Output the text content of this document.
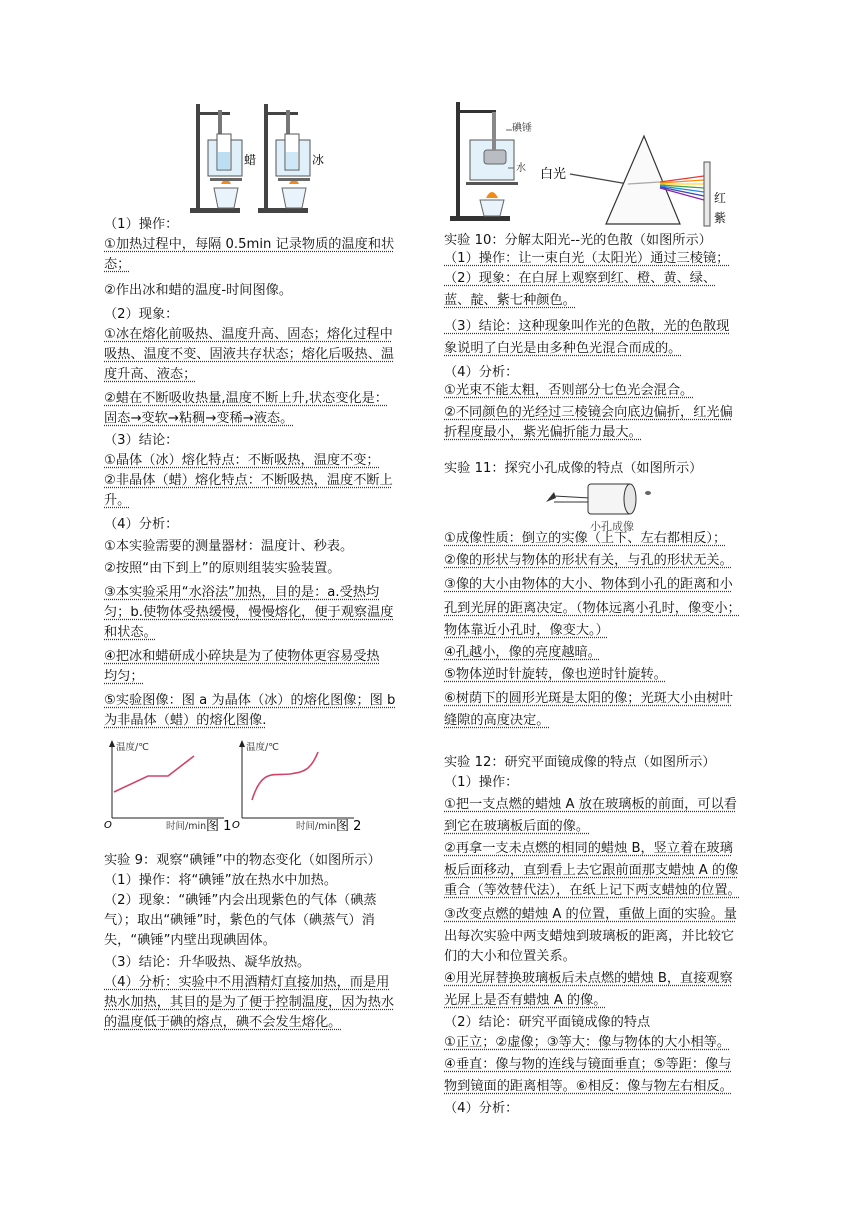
蜡	冰
（1）操作：
①加热过程中，每隔 0.5min 记录物质的温度和状
态；
②作出冰和蜡的温度-时间图像。
（2）现象：
①冰在熔化前吸热、温度升高、固态；熔化过程中
吸热、温度不变、固液共存状态；熔化后吸热、温
度升高、液态；
②蜡在不断吸收热量,温度不断上升,状态变化是：
固态→变软→粘稠→变稀→液态。
（3）结论：
①晶体（冰）熔化特点：不断吸热，温度不变；
②非晶体（蜡）熔化特点：不断吸热，温度不断上
升。
（4）分析：
①本实验需要的测量器材：温度计、秒表。
②按照“由下到上”的原则组装实验装置。
③本实验采用“水浴法”加热，目的是：a.受热均
匀；b.使物体受热缓慢，慢慢熔化，便于观察温度
和状态。
④把冰和蜡研成小碎块是为了使物体更容易受热
均匀；
⑤实验图像：图 a 为晶体（冰）的熔化图像；图 b
为非晶体（蜡）的熔化图像.
温度/℃
O	时间/min 图 1
温度/℃
O	时间/min 图 2
实验 9：观察“碘锤”中的物态变化（如图所示）
（1）操作：将“碘锤”放在热水中加热。
（2）现象：“碘锤”内会出现紫色的气体（碘蒸
气）；取出“碘锤”时，紫色的气体（碘蒸气）消
失，“碘锤”内壁出现碘固体。
（3）结论：升华吸热、凝华放热。
（4）分析：实验中不用酒精灯直接加热，而是用
热水加热，其目的是为了便于控制温度，因为热水
的温度低于碘的熔点，碘不会发生熔化。
碘锤
水 白光
红
紫
实验 10：分解太阳光--光的色散（如图所示）
（1）操作：让一束白光（太阳光）通过三棱镜；
（2）现象：在白屏上观察到红、橙、黄、绿、
蓝、靛、紫七种颜色。
（3）结论：这种现象叫作光的色散，光的色散现
象说明了白光是由多种色光混合而成的。
（4）分析：
①光束不能太粗，否则部分七色光会混合。
②不同颜色的光经过三棱镜会向底边偏折，红光偏
折程度最小，紫光偏折能力最大。
实验 11：探究小孔成像的特点（如图所示）
小孔成像
①成像性质：倒立的实像（上下、左右都相反）；
②像的形状与物体的形状有关，与孔的形状无关。
③像的大小由物体的大小、物体到小孔的距离和小
孔到光屏的距离决定。（物体远离小孔时，像变小；
物体靠近小孔时，像变大。）
④孔越小，像的亮度越暗。
⑤物体逆时针旋转，像也逆时针旋转。
⑥树荫下的圆形光斑是太阳的像；光斑大小由树叶
缝隙的高度决定。
实验 12：研究平面镜成像的特点（如图所示）
（1）操作：
①把一支点燃的蜡烛 A 放在玻璃板的前面，可以看
到它在玻璃板后面的像。
②再拿一支未点燃的相同的蜡烛 B，竖立着在玻璃
板后面移动，直到看上去它跟前面那支蜡烛 A 的像
重合（等效替代法），在纸上记下两支蜡烛的位置。
③改变点燃的蜡烛 A 的位置，重做上面的实验。量
出每次实验中两支蜡烛到玻璃板的距离，并比较它
们的大小和位置关系。
④用光屏替换玻璃板后未点燃的蜡烛 B，直接观察
光屏上是否有蜡烛 A 的像。
（2）结论：研究平面镜成像的特点
①正立；②虚像；③等大：像与物体的大小相等。
④垂直：像与物的连线与镜面垂直；⑤等距：像与
物到镜面的距离相等。⑥相反：像与物左右相反。
（4）分析：
